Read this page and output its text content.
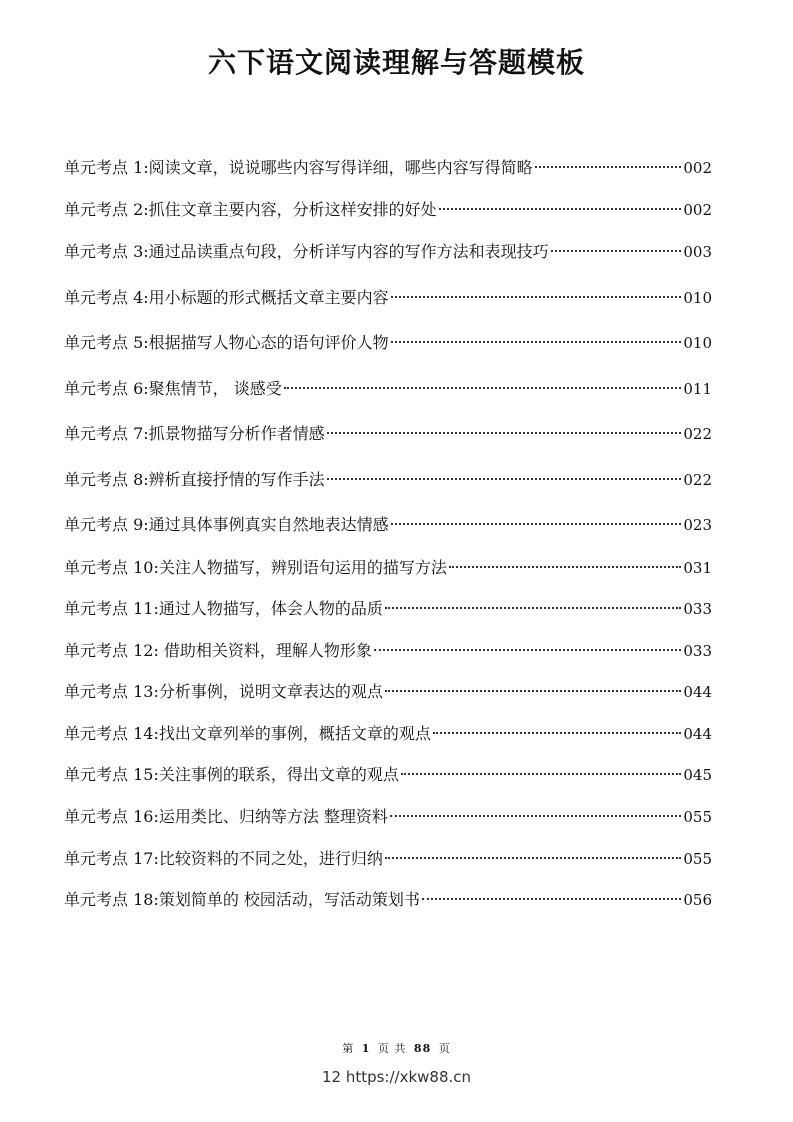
六下语文阅读理解与答题模板
单元考点 1:阅读文章，说说哪些内容写得详细，哪些内容写得简略	002
单元考点 2:抓住文章主要内容，分析这样安排的好处	002
单元考点 3:通过品读重点句段，分析详写内容的写作方法和表现技巧	003
单元考点 4:用小标题的形式概括文章主要内容	010
单元考点 5:根据描写人物心态的语句评价人物	010
单元考点 6:聚焦情节， 谈感受	011
单元考点 7:抓景物描写分析作者情感	022
单元考点 8:辨析直接抒情的写作手法	022
单元考点 9:通过具体事例真实自然地表达情感	023
单元考点 10:关注人物描写，辨别语句运用的描写方法	031
单元考点 11:通过人物描写，体会人物的品质	033
单元考点 12: 借助相关资料，理解人物形象	033
单元考点 13:分析事例，说明文章表达的观点	044
单元考点 14:找出文章列举的事例，概括文章的观点	044
单元考点 15:关注事例的联系，得出文章的观点	045
单元考点 16:运用类比、归纳等方法 整理资料	055
单元考点 17:比较资料的不同之处，进行归纳	055
单元考点 18:策划简单的 校园活动，写活动策划书	056
第 1 页 共 88 页
12 https://xkw88.cn
